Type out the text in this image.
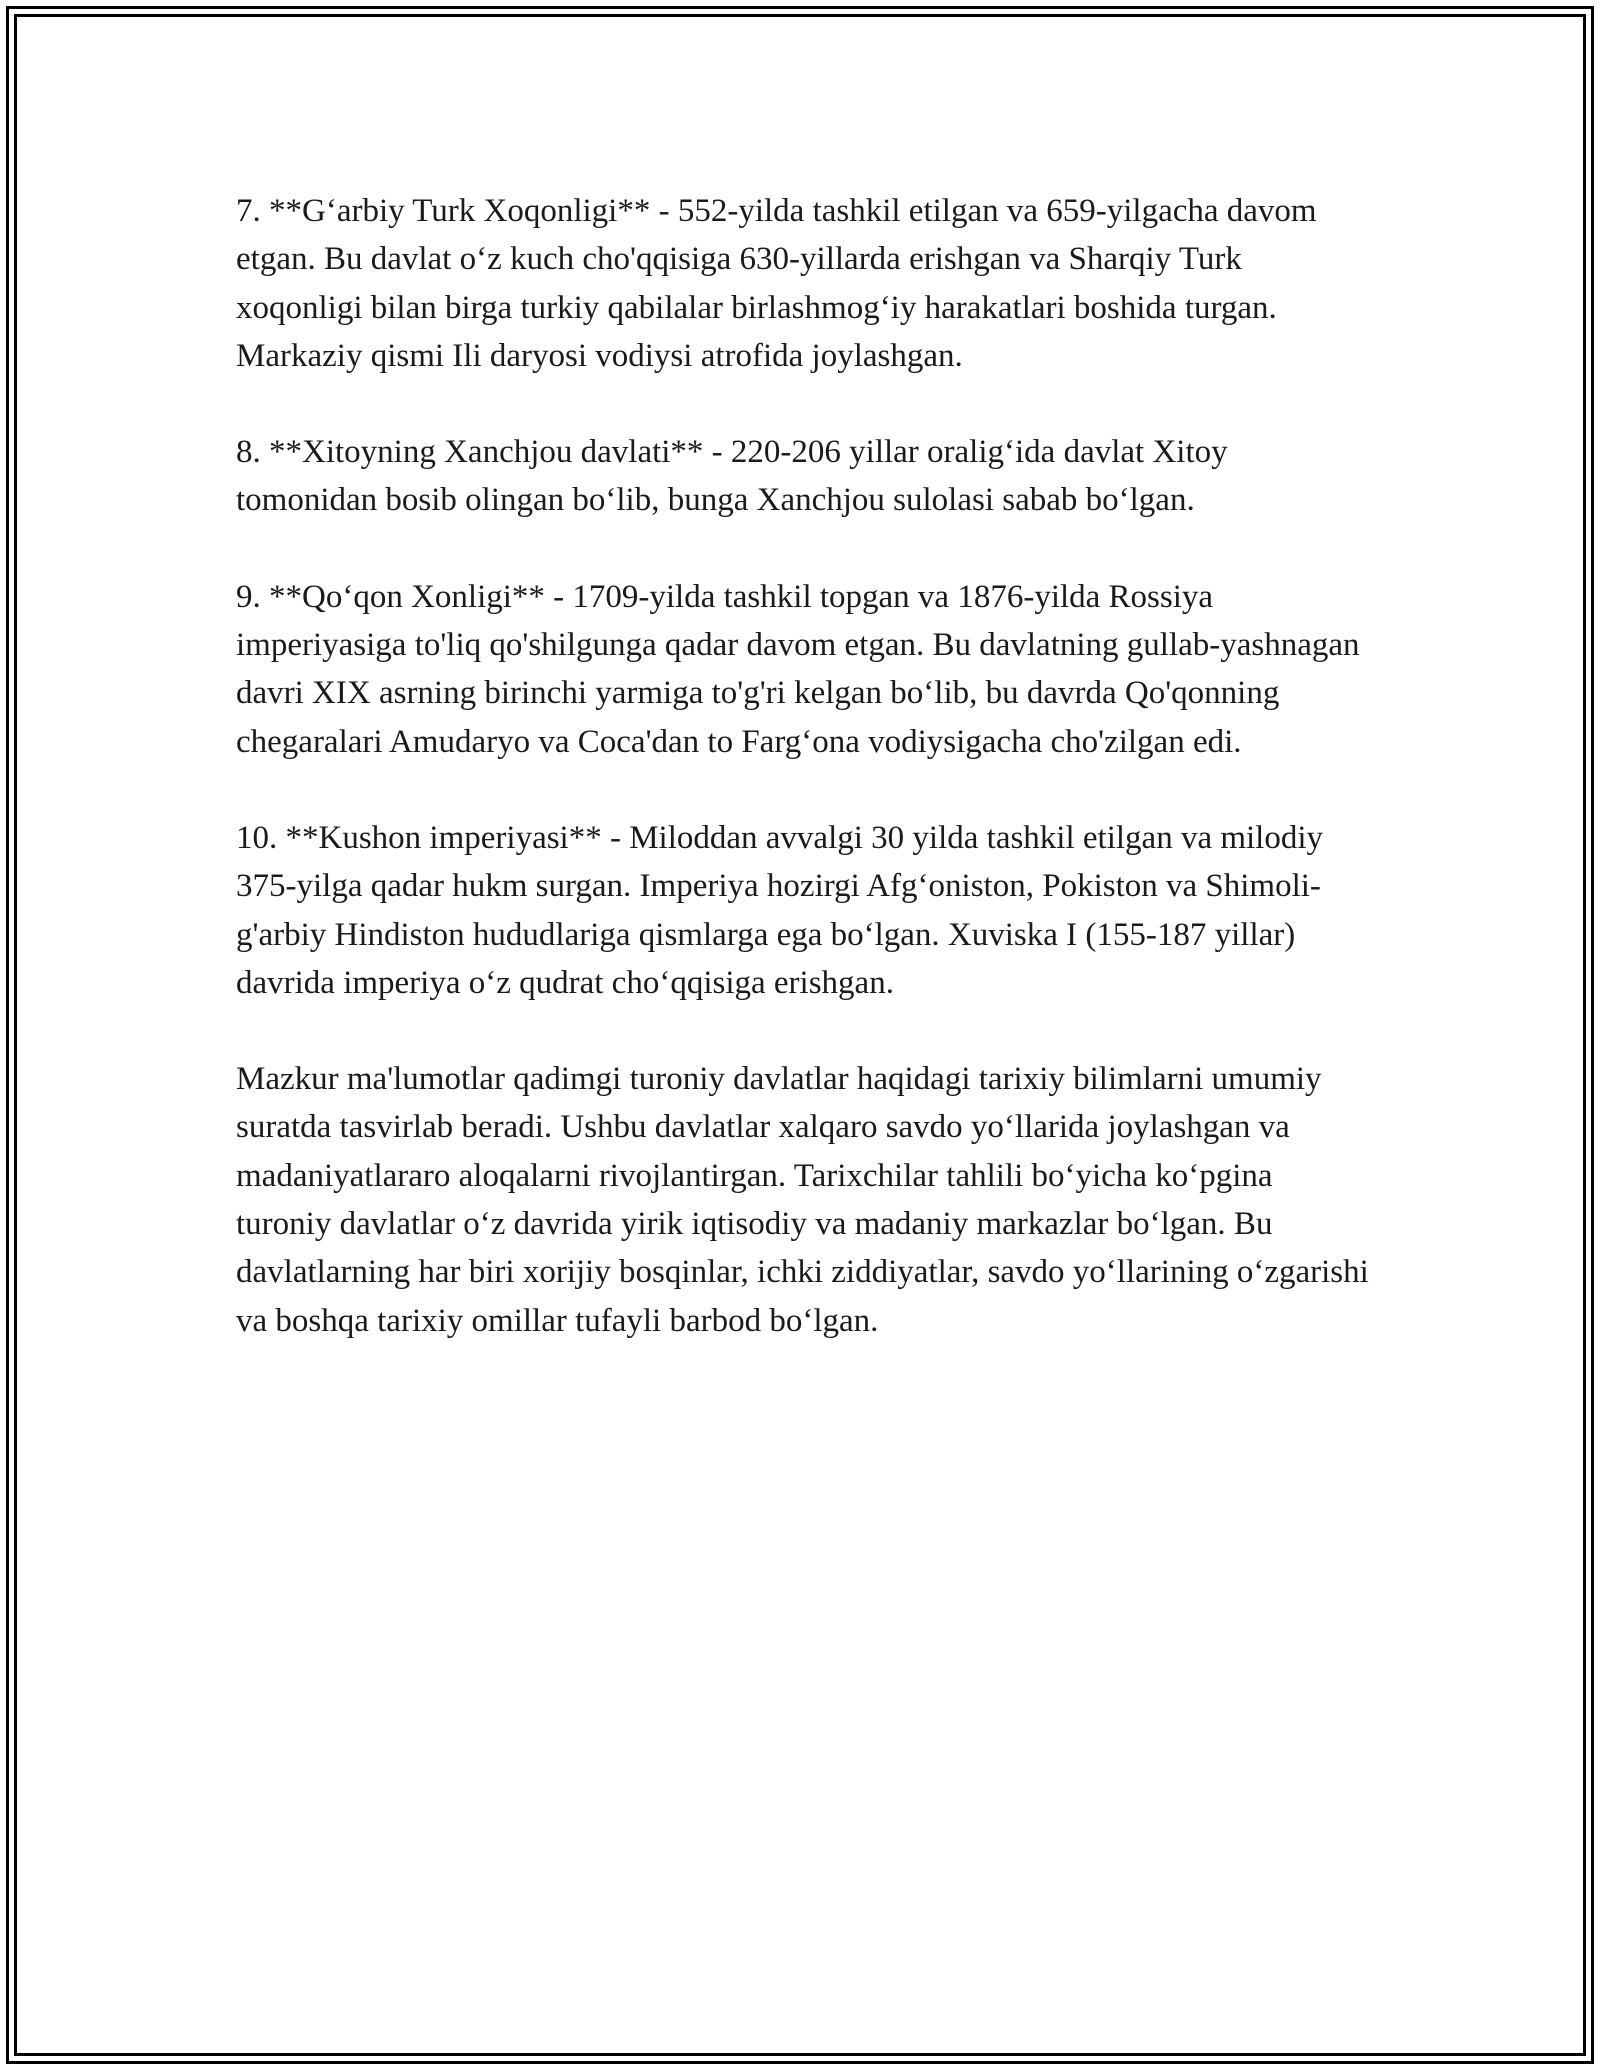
7. **G‘arbiy Turk Xoqonligi** - 552-yilda tashkil etilgan va 659-yilgacha davom etgan. Bu davlat o‘z kuch cho'qqisiga 630-yillarda erishgan va Sharqiy Turk xoqonligi bilan birga turkiy qabilalar birlashmog‘iy harakatlari boshida turgan. Markaziy qismi Ili daryosi vodiysi atrofida joylashgan.

8. **Xitoyning Xanchjou davlati** - 220-206 yillar oralig‘ida davlat Xitoy tomonidan bosib olingan bo‘lib, bunga Xanchjou sulolasi sabab bo‘lgan.

9. **Qo‘qon Xonligi** - 1709-yilda tashkil topgan va 1876-yilda Rossiya imperiyasiga to'liq qo'shilgunga qadar davom etgan. Bu davlatning gullab-yashnagan davri XIX asrning birinchi yarmiga to'g'ri kelgan bo‘lib, bu davrda Qo'qonning chegaralari Amudaryo va Coca'dan to Farg‘ona vodiysigacha cho'zilgan edi.

10. **Kushon imperiyasi** - Miloddan avvalgi 30 yilda tashkil etilgan va milodiy 375-yilga qadar hukm surgan. Imperiya hozirgi Afg‘oniston, Pokiston va Shimoli-g'arbiy Hindiston hududlariga qismlarga ega bo‘lgan. Xuviska I (155-187 yillar) davrida imperiya o‘z qudrat cho‘qqisiga erishgan.

Mazkur ma'lumotlar qadimgi turoniy davlatlar haqidagi tarixiy bilimlarni umumiy suratda tasvirlab beradi. Ushbu davlatlar xalqaro savdo yo‘llarida joylashgan va madaniyatlararo aloqalarni rivojlantirgan. Tarixchilar tahlili bo‘yicha ko‘pgina turoniy davlatlar o‘z davrida yirik iqtisodiy va madaniy markazlar bo‘lgan. Bu davlatlarning har biri xorijiy bosqinlar, ichki ziddiyatlar, savdo yo‘llarining o‘zgarishi va boshqa tarixiy omillar tufayli barbod bo‘lgan.
